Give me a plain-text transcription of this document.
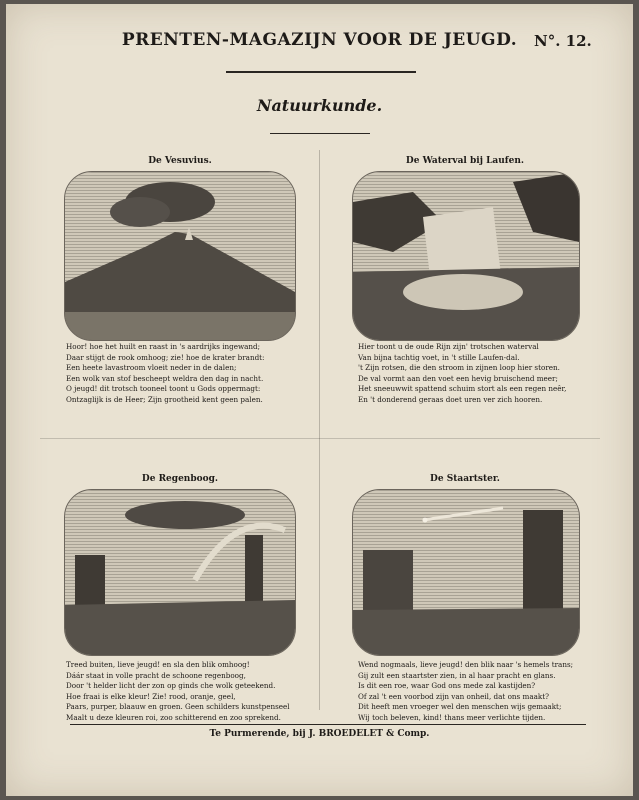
PRENTEN-MAGAZIJN VOOR DE JEUGD.	N°. 12.
Natuurkunde.
De Vesuvius.
Hoor! hoe het huilt en raast in 's aardrijks ingewand;
Daar stijgt de rook omhoog; zie! hoe de krater brandt:
Een heete lavastroom vloeit neder in de dalen;
Een wolk van stof bescheept weldra den dag in nacht.
O jeugd! dit trotsch tooneel toont u Gods oppermagt:
Ontzaglijk is de Heer; Zijn grootheid kent geen palen.
De Waterval bij Laufen.
Hier toont u de oude Rijn zijn' trotschen waterval
Van bijna tachtig voet, in 't stille Laufen-dal.
't Zijn rotsen, die den stroom in zijnen loop hier storen.
De val vormt aan den voet een hevig bruischend meer;
Het sneeuwwit spattend schuim stort als een regen neêr,
En 't donderend geraas doet uren ver zich hooren.
De Regenboog.
Treed buiten, lieve jeugd! en sla den blik omhoog!
Dáár staat in volle pracht de schoone regenboog,
Door 't helder licht der zon op ginds che wolk geteekend.
Hoe fraai is elke kleur! Zie! rood, oranje, geel,
Paars, purper, blaauw en groen. Geen schilders kunstpenseel
Maalt u deze kleuren roi, zoo schitterend en zoo sprekend.
De Staartster.
Wend nogmaals, lieve jeugd! den blik naar 's hemels trans;
Gij zult een staartster zien, in al haar pracht en glans.
Is dit een roe, waar God ons mede zal kastijden?
Of zal 't een voorbod zijn van onheil, dat ons maakt?
Dit heeft men vroeger wel den menschen wijs gemaakt;
Wij toch beleven, kind! thans meer verlichte tijden.
Te Purmerende, bij J. BROEDELET & Comp.
